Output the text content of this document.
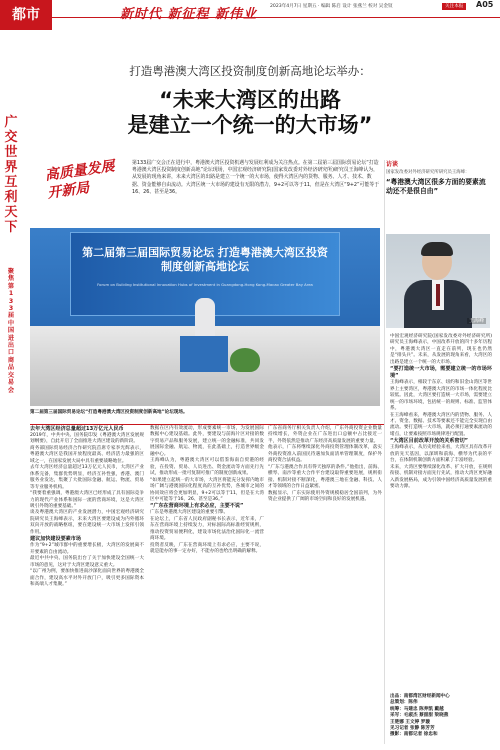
都市	新时代 新征程 新伟业
2023年4月7日 星期五 · 编辑 陈启 设计 张燕兰 校对 吴金钗	关注本报	A05
广
交
世
界
互
利
天
下
聚
焦
第
1
3
3
届
中
国
进
出
口
商
品
交
易
会
打造粤港澳大湾区投资制度创新高地论坛举办：
“未来大湾区的出路
是建立一个统一的大市场”
高质量发展 开新局
第133届广交会正在进行中，粤港澳大湾区投资机遇与发展红利成为关注热点。在第二届第三届国际贸易论坛“打造粤港澳大湾区投资制度创新高地”论坛现场，中国宏观经济研究院(国家发改委对外经济研究所)研究员王海峰认为，从发展的现角来讲，未来大湾区的出路是建立一个统一的大市场，使得大湾区内的货物、服务、人才、技术、数据、资金能够自由流动。大湾区统一大市场的建设有无限的潜力，9+2可以等于11，但是在大湾区“9+2”可能等于16、26、甚至是36。
访谈
国家发改委对外经济研究所研究员王海峰：
“粤港澳大湾区很多方面的要素流动还不是很自由”
第二届第三届国际贸易论坛 打造粤港澳大湾区投资制度创新高地论坛
Forum on Building Institutional Innovation Hubs of Investment in Guangdong-Hong Kong-Macao Greater Bay Area
第二届第三届国际贸易论坛“打造粤港澳大湾区投资制度创新高地”论坛现场。
王海峰
去年大湾区经济总量超过13万亿元人民币

2019年，中共中央、国务院印发《粤港澳大湾区发展规划纲要》，自此开启了全面推进大湾区建设的新阶段。

商务部国际贸易经济合作研究院首席专家李光辉表示，粤港澳大湾区是我国开放程度最高、经济活力最强的区域之一，在国家发展大局中具有重要战略地位。

去年大湾区经济总量超过13万亿元人民币，大湾区产业体系完备，集群优势明显，经济互补性强，香港、澳门服务业发达，集聚了大批国际金融、航运、物流、贸易等专业服务机构。

“我要着重强调，粤港澳大湾区已经形成了具有国际竞争力的现代产业体系和国际一流的营商环境，这是大湾区吸引外资的重要基础。”

谈及粤港澳大湾区的产业发展潜力，中国宏观经济研究院研究员王海峰表示，未来大湾区要建设成为内外循环双向开放的战略枢纽，要在建设统一大市场上发挥引领作用。

建议加快建设要素市场

作为“9+2”城市群中的重要增长极，大湾区的发展离不开要素的自由流动。

最近中共中央、国务院出台了关于加快建设全国统一大市场的意见，这对于大湾区建设意义重大。

“以广州为例，要加快推进南沙深化面向世界的粤港澳全面合作，建设高水平对外开放门户，吸引更多国际资本和高端人才集聚。”

数据在区内有效流动，形成要素统一市场，为发展国际数据中心建设基础。此外，要建设与前海片区对接的数字贸易产品和服务发展，建立统一的金融标准，共同发展国际金融、航运、物流，在此基础上，打造世界级金融中心。

王海峰认为，粤港澳大湾区可以借鉴海南自贸港的经验，在投资、贸易、人员进出、资金流动等方面先行先试，推动形成一批可复制可推广的制度创新成果。

“如果建立起统一的大市场，大湾区将能充分发挥内地市场广阔与港澳国际化程度高的互补优势，各城市之间的协同效应将会更加明显，9+2可以等于11，但是在大湾区中可能等于16、26、甚至是36。”

“广东在营商环境上有求必应，主要不说”

广东是粤港澳大湾区建设的重要引擎。

在论坛上，广东省人民政府副秘书长表示，近年来，广东在营商环境上持续发力，对标国际高标准经贸规则，推动投资贸易便利化，建设市场化法治化国际化一流营商环境。

投资者反映，广东在营商环境上有求必应，主要不说，就是能办的事一定办好，不能办的也给出明确的解释。

广东省商务厅相关负责人介绍，广东外商投资企业数量持续增长，外资企业在广东进出口总额中占比接近一半，外资依然是推动广东经济高质量发展的重要力量。

他表示，广东将继续深化外商投资管理体制改革，落实外商投资准入前国民待遇加负面清单管理制度，保护外商投资合法权益。

“广东与港澳合作具有得天独厚的条件。”他指出，前海、横琴、南沙等重大合作平台建设取得重要进展，规则衔接、机制对接不断深化，粤港澳三地在金融、科技、人才等领域的合作日益紧密。

数据显示，广东实际使用外资规模稳居全国前列，为外资企业提供了广阔的市场空间和良好的发展机遇。

中国宏观经济研究院(国家发改委对外经济研究所)研究员王海峰表示，中国改革开放的四十多年历程中，粤港澳大湾区一直走在前列，现在也仍然是“排头兵”。未来，从发展的现角来看，大湾区的出路是建立一个统一的大市场。

“要打造统一大市场，需要建立统一的市场环境”

王海峰表示，相较于东京、纽约和旧金山湾区等世界上主要湾区，粤港澳大湾区的市场一体化程度比较低。因此，大湾区要打造统一大市场，需要建立统一的市场环境，包括统一的规则、标准、监管体系。

在王海峰看来，粤港澳大湾区内的货物、服务、人才、资金、数据、技术等要素还不能完全实现自由流动。要打造统一大市场，就必须打通要素流动的堵点，让要素按照市场规律进行配置。

“大湾区目前改革开放的关系密切”

王海峰表示，从历史经验来看，大湾区具有改革开放的先天基因，以深圳和前海、横琴为代表的平台，在体制机制创新方面积累了丰富经验。

未来，大湾区要继续深化改革、扩大开放，在规则衔接、机制对接方面先行先试，推动大湾区更好融入新发展格局，成为引领中国经济高质量发展的重要动力源。

出品：南都湾区财经新闻中心
总策划：陈伟
统筹：马建忠 陈养凯 戴越
采写：毛淑杰 蔡甜甜 梁晓燕
王楚娜 王文婷 罗璇
见习记者 张静 陈芳芳
摄影：南都记者 徐忠和
